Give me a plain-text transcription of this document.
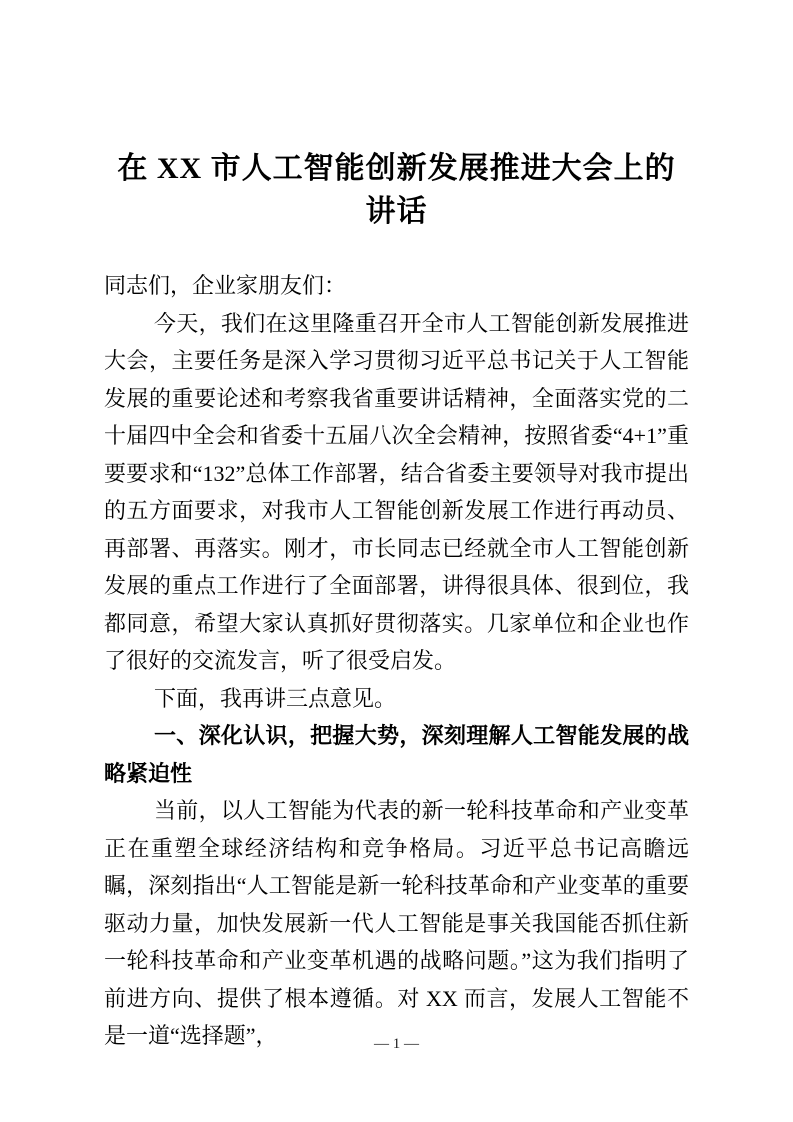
在 XX 市人工智能创新发展推进大会上的
讲话

同志们，企业家朋友们：

今天，我们在这里隆重召开全市人工智能创新发展推进大会，主要任务是深入学习贯彻习近平总书记关于人工智能发展的重要论述和考察我省重要讲话精神，全面落实党的二十届四中全会和省委十五届八次全会精神，按照省委“4+1”重要要求和“132”总体工作部署，结合省委主要领导对我市提出的五方面要求，对我市人工智能创新发展工作进行再动员、再部署、再落实。刚才，市长同志已经就全市人工智能创新发展的重点工作进行了全面部署，讲得很具体、很到位，我都同意，希望大家认真抓好贯彻落实。几家单位和企业也作了很好的交流发言，听了很受启发。

下面，我再讲三点意见。

一、深化认识，把握大势，深刻理解人工智能发展的战略紧迫性

当前，以人工智能为代表的新一轮科技革命和产业变革正在重塑全球经济结构和竞争格局。习近平总书记高瞻远瞩，深刻指出“人工智能是新一轮科技革命和产业变革的重要驱动力量，加快发展新一代人工智能是事关我国能否抓住新一轮科技革命和产业变革机遇的战略问题。”这为我们指明了前进方向、提供了根本遵循。对 XX 而言，发展人工智能不是一道“选择题”，	— 1 —
